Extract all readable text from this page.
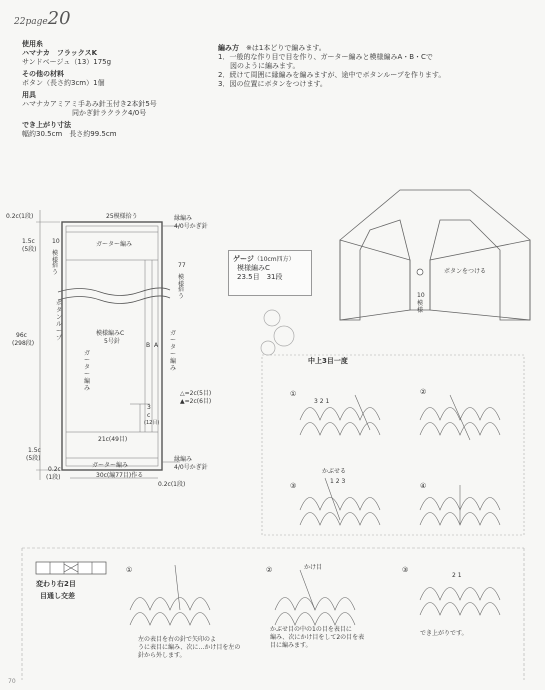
22page20
使用糸
ハマナカ　フラックスK
サンドベージュ（13）175g
その他の材料
ボタン（長さ約3cm）1個
用具
ハマナカアミアミ手あみ針玉付き2本針5号
同かぎ針ラクラク4/0号
でき上がり寸法
幅約30.5cm　長さ約99.5cm
編み方　 ※は1本どりで編みます。
1．一般的な作り目で目を作り、ガーター編みと模様編みA・B・Cで
図のように編みます。
2．続けて周囲に縁編みを編みますが、途中でボタンループを作ります。
3．図の位置にボタンをつけます。
25模様拾う	縁編み
4/0号かぎ針
0.2c(1段)
1.5c
(5段)
ガーター編み
10
模様
拾う
77
模様
拾う
ボタンループ
96c
(298段)
模様編みC
5号針
ガーター編み
ガーター編み
B A
△=2c(5目)
▲=2c(6目)
3
c
(12目)
21c(49目)
ガーター編み
1.5c
(5段)
0.2c
(1段)	30c(編77目)作る
0.2c(1段)
縁編み
4/0号かぎ針
ゲージ（10cm四方）
模様編みC
23.5目　31段
ボタンをつける
10
模様
中上3目一度
①	②
③	④
かぶせる
3 2 1
1 2 3
変わり右2目
目通し交差
①	②	③
かけ目
2 1
左の表目を右の針で矢印のよ
うに表目に編み、次に…かけ目を左の
針から外します。
かぶせ目の中の1の目を表目に
編み、次にかけ目をして2の目を表
目に編みます。
でき上がりです。
70
